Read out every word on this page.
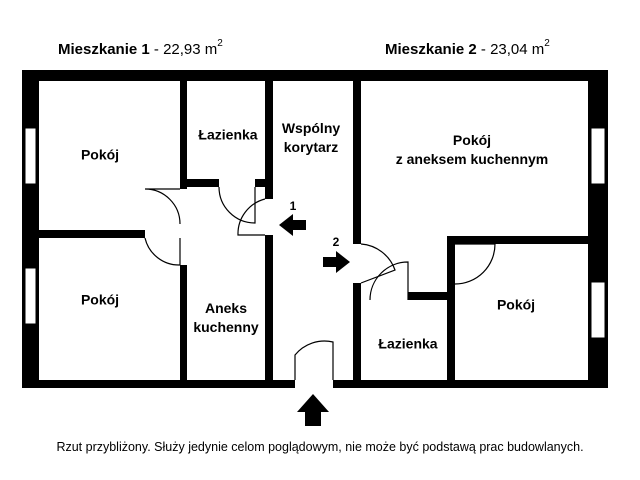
Mieszkanie 1 - 22,93 $m^2$	Mieszkanie 2 - 23,04 $m^2$
Pokój
Pokój
Łazienka
Aneks
kuchenny
Wspólny
korytarz	Pokój
z aneksem kuchennym
Pokój
Łazienka
1
2
Rzut przybliżony. Służy jedynie celom poglądowym, nie może być podstawą prac budowlanych.
